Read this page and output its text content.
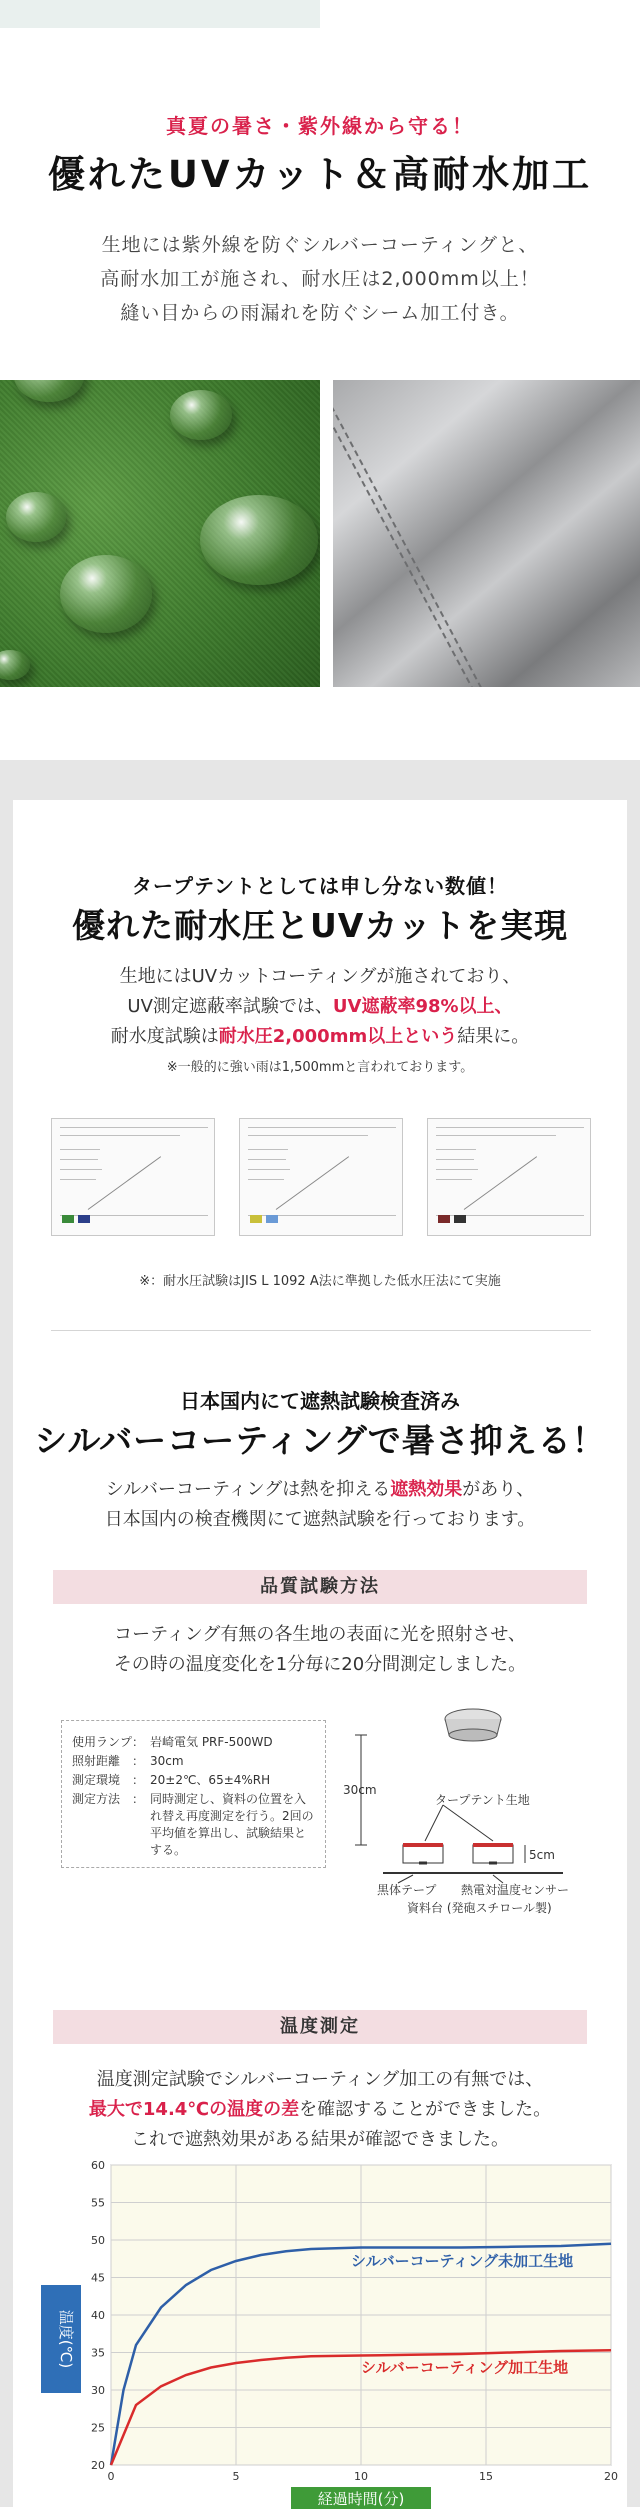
真夏の暑さ・紫外線から守る！
優れたUVカット＆高耐水加工
生地には紫外線を防ぐシルバーコーティングと、
高耐水加工が施され、耐水圧は2,000mm以上！
縫い目からの雨漏れを防ぐシーム加工付き。
タープテントとしては申し分ない数値！
優れた耐水圧とUVカットを実現
生地にはUVカットコーティングが施されており、
UV測定遮蔽率試験では、UV遮蔽率98%以上、
耐水度試験は耐水圧2,000mm以上という結果に。
※一般的に強い雨は1,500mmと言われております。
※：耐水圧試験はJIS L 1092 A法に準拠した低水圧法にて実施
日本国内にて遮熱試験検査済み
シルバーコーティングで暑さ抑える！
シルバーコーティングは熱を抑える遮熱効果があり、
日本国内の検査機関にて遮熱試験を行っております。
品質試験方法
コーティング有無の各生地の表面に光を照射させ、
その時の温度変化を1分毎に20分間測定しました。
使用ランプ：	岩崎電気 PRF-500WD
照射距離　：	30cm
測定環境　：	20±2℃、65±4%RH
測定方法　：	同時測定し、資料の位置を入れ替え再度測定を行う。2回の平均値を算出し、試験結果とする。
30cm
タープテント生地
5cm
黒体テープ 熱電対温度センサー
資料台 (発砲スチロール製)
温度測定
温度測定試験でシルバーコーティング加工の有無では、
最大で14.4℃の温度の差を確認することができました。
これで遮熱効果がある結果が確認できました。
20
25
30
35
40
45
50
55
60
0	5	10	15	20
温度(℃)
経過時間(分)
シルバーコーティング未加工生地
シルバーコーティング加工生地
